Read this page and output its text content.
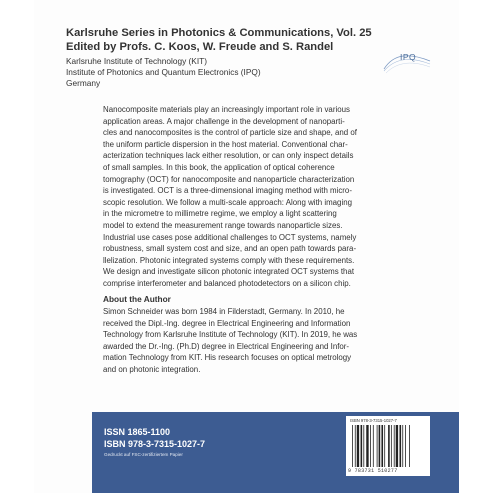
Karlsruhe Series in Photonics & Communications, Vol. 25
Edited by Profs. C. Koos, W. Freude and S. Randel
Karlsruhe Institute of Technology (KIT)
Institute of Photonics and Quantum Electronics (IPQ)
Germany
IPQ
Nanocomposite materials play an increasingly important role in various
application areas. A major challenge in the development of nanoparti-
cles and nanocomposites is the control of particle size and shape, and of
the uniform particle dispersion in the host material. Conventional char-
acterization techniques lack either resolution, or can only inspect details
of small samples. In this book, the application of optical coherence
tomography (OCT) for nanocomposite and nanoparticle characterization
is investigated. OCT is a three-dimensional imaging method with micro-
scopic resolution. We follow a multi-scale approach: Along with imaging
in the micrometre to millimetre regime, we employ a light scattering
model to extend the measurement range towards nanoparticle sizes.
Industrial use cases pose additional challenges to OCT systems, namely
robustness, small system cost and size, and an open path towards para-
llelization. Photonic integrated systems comply with these requirements.
We design and investigate silicon photonic integrated OCT systems that
comprise interferometer and balanced photodetectors on a silicon chip.
About the Author
Simon Schneider was born 1984 in Filderstadt, Germany. In 2010, he
received the Dipl.-Ing. degree in Electrical Engineering and Information
Technology from Karlsruhe Institute of Technology (KIT). In 2019, he was
awarded the Dr.-Ing. (Ph.D) degree in Electrical Engineering and Infor-
mation Technology from KIT. His research focuses on optical metrology
and on photonic integration.
ISSN 1865-1100
ISBN 978-3-7315-1027-7
Gedruckt auf FSC-zertifiziertem Papier
ISBN 978-3-7315-1027-7
9 783731 510277
